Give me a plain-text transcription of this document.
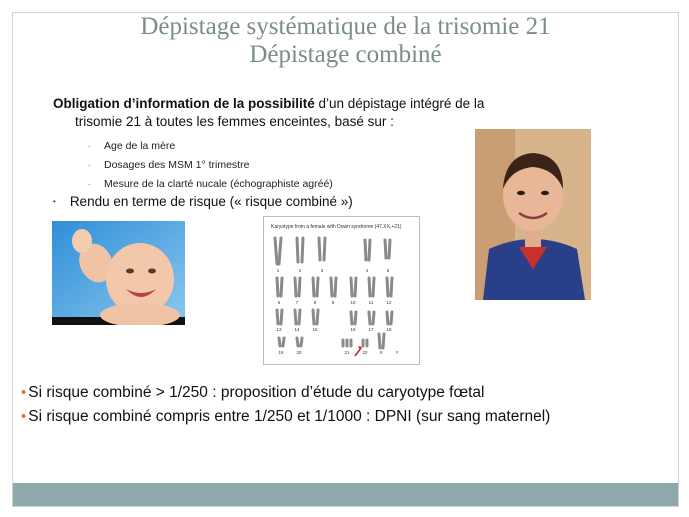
Dépistage systématique de la trisomie 21
Dépistage combiné

Obligation d’information de la possibilité d’un dépistage intégré de la
trisomie 21 à toutes les femmes enceintes, basé sur :

- Age de la mère
- Dosages des MSM 1° trimestre
- Mesure de la clarté nucale (échographiste agréé)
• Rendu en terme de risque (« risque combiné »)
Karyotype from a female with Down syndrome (47,XX,+21)
1	2	3	4	5
6	7	8	9	10	11	12
13	14	15	16	17	18
19	20	21	22	X	Y
• Si risque combiné > 1/250 : proposition d’étude du caryotype fœtal
• Si risque combiné compris entre 1/250 et 1/1000 : DPNI (sur sang maternel)
